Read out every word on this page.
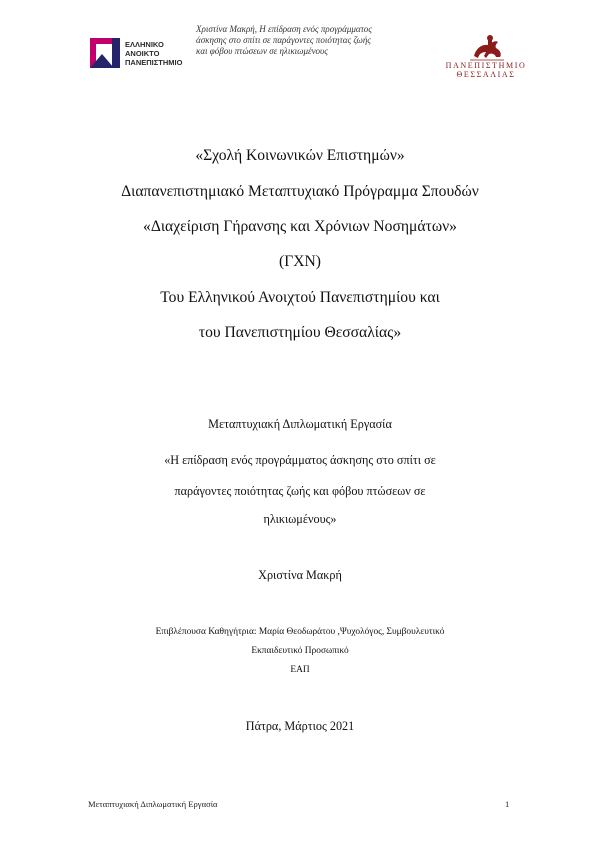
ΕΛΛΗΝΙΚΟ
ΑΝΟΙΚΤΟ
ΠΑΝΕΠΙΣΤΗΜΙΟ
Χριστίνα Μακρή, Η επίδραση ενός προγράμματος
άσκησης στο σπίτι σε παράγοντες ποιότητας ζωής
και φόβου πτώσεων σε ηλικιωμένους
ΠΑΝΕΠΙΣΤΗΜΙΟ
ΘΕΣΣΑΛΙΑΣ
«Σχολή Κοινωνικών Επιστημών»
Διαπανεπιστημιακό Μεταπτυχιακό Πρόγραμμα Σπουδών
«Διαχείριση Γήρανσης και Χρόνιων Νοσημάτων»
(ΓΧΝ)
Του Ελληνικού Ανοιχτού Πανεπιστημίου και
του Πανεπιστημίου Θεσσαλίας»
Μεταπτυχιακή Διπλωματική Εργασία
«Η επίδραση ενός προγράμματος άσκησης στο σπίτι σε
παράγοντες ποιότητας ζωής και φόβου πτώσεων σε
ηλικιωμένους»
Χριστίνα Μακρή
Επιβλέπουσα Καθηγήτρια: Μαρία Θεοδωράτου ,Ψυχολόγος, Συμβουλευτικό
Εκπαιδευτικό Προσωπικό
ΕΑΠ
Πάτρα, Μάρτιος 2021
Μεταπτυχιακή Διπλωματική Εργασία	1
